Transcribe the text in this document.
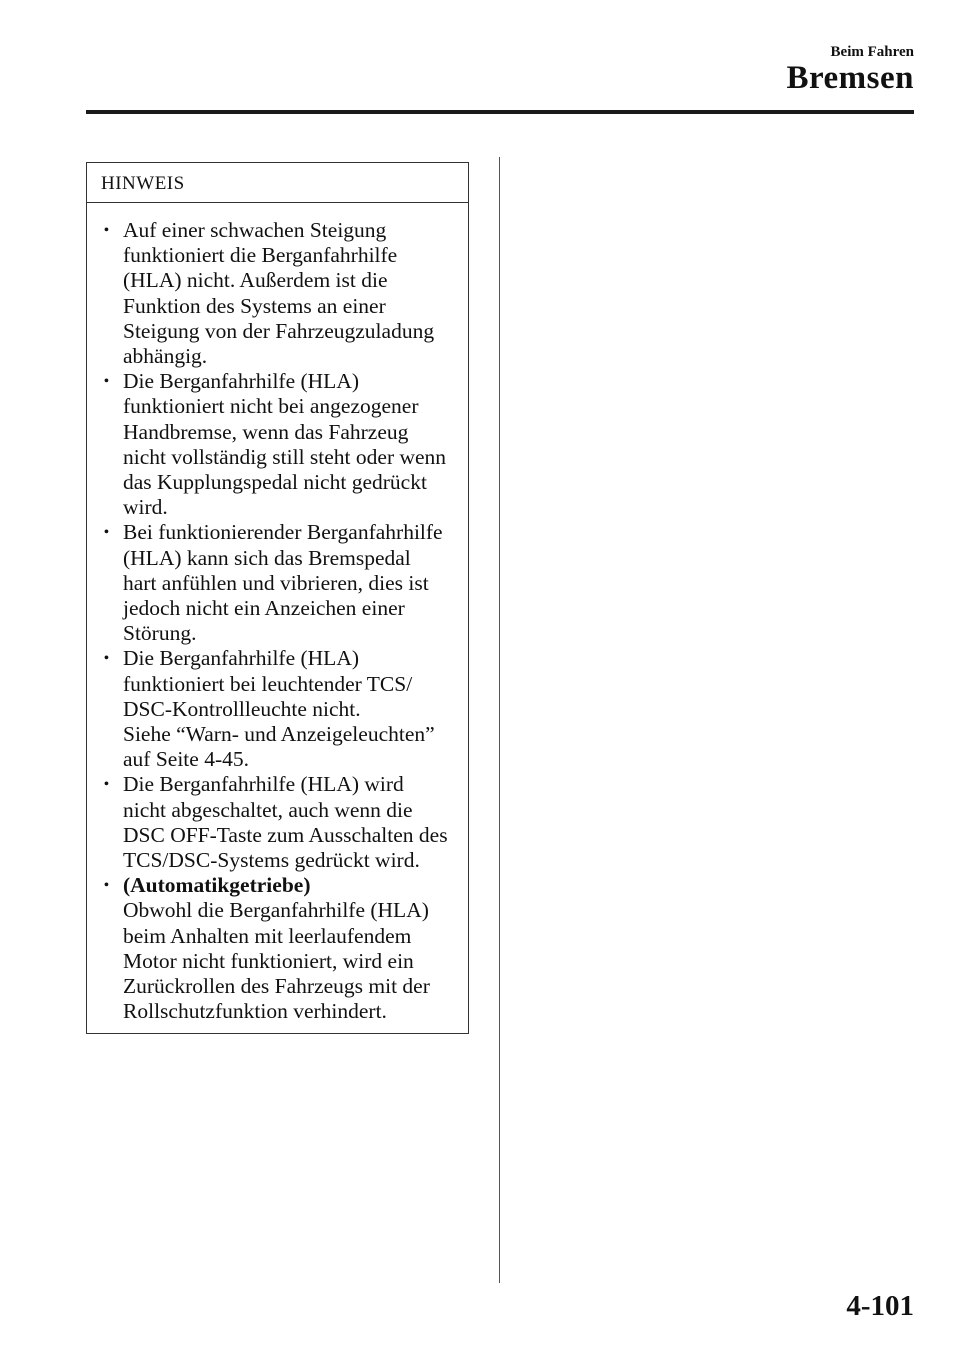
Beim Fahren
Bremsen
HINWEIS
• Auf einer schwachen Steigung
funktioniert die Berganfahrhilfe
(HLA) nicht. Außerdem ist die
Funktion des Systems an einer
Steigung von der Fahrzeugzuladung
abhängig.
• Die Berganfahrhilfe (HLA)
funktioniert nicht bei angezogener
Handbremse, wenn das Fahrzeug
nicht vollständig still steht oder wenn
das Kupplungspedal nicht gedrückt
wird.
• Bei funktionierender Berganfahrhilfe
(HLA) kann sich das Bremspedal
hart anfühlen und vibrieren, dies ist
jedoch nicht ein Anzeichen einer
Störung.
• Die Berganfahrhilfe (HLA)
funktioniert bei leuchtender TCS/
DSC-Kontrollleuchte nicht.
Siehe “Warn- und Anzeigeleuchten”
auf Seite 4-45.
• Die Berganfahrhilfe (HLA) wird
nicht abgeschaltet, auch wenn die
DSC OFF-Taste zum Ausschalten des
TCS/DSC-Systems gedrückt wird.
• (Automatikgetriebe)
Obwohl die Berganfahrhilfe (HLA)
beim Anhalten mit leerlaufendem
Motor nicht funktioniert, wird ein
Zurückrollen des Fahrzeugs mit der
Rollschutzfunktion verhindert.
4-101
